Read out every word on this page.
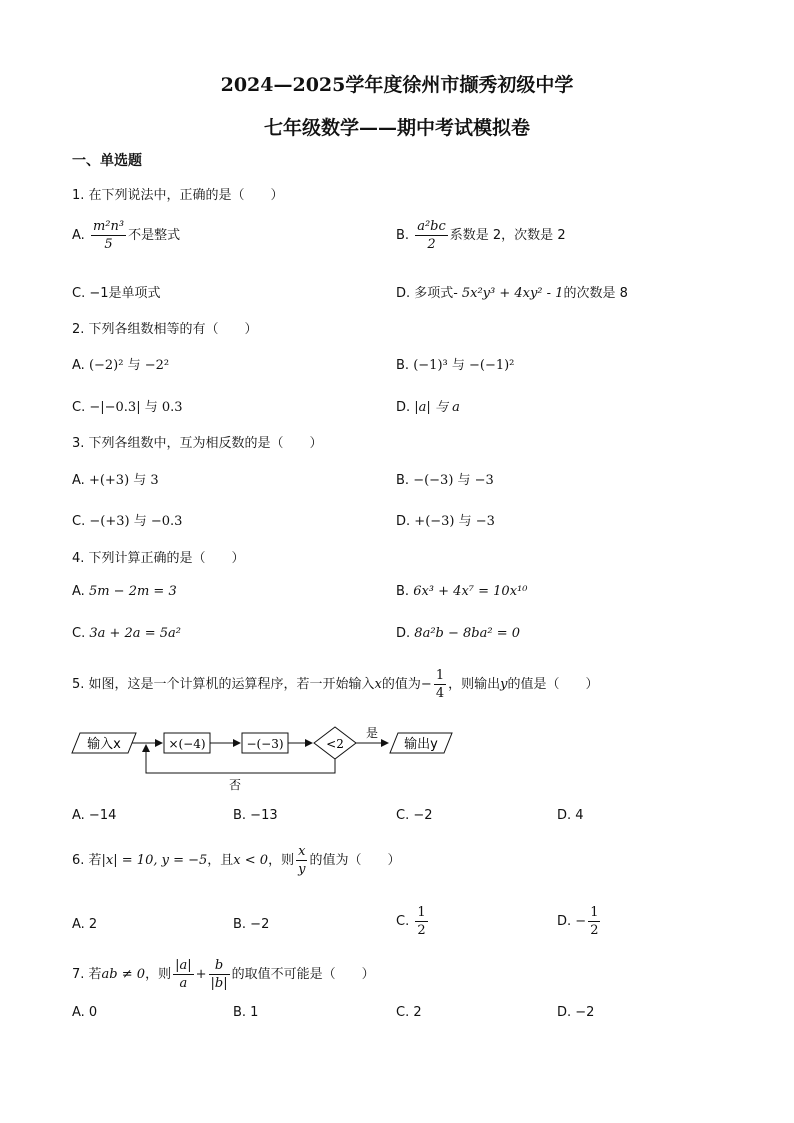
2024—2025学年度徐州市撷秀初级中学
七年级数学——期中考试模拟卷
一、单选题
1. 在下列说法中，正确的是（　　）
A. $\frac{\text{m²n³}}{5}$ 不是整式	B. $\frac{\text{a²bc}}{2}$ 系数是 2，次数是 2
C. −1是单项式	D. 多项式- 5x²y³ + 4xy² - 1的次数是 8
2. 下列各组数相等的有（　　）
A. (−2)² 与 −2²	B. (−1)³ 与 −(−1)²
C. −|−0.3| 与 0.3	D. |a| 与 a
3. 下列各组数中，互为相反数的是（　　）
A. +(+3) 与 3	B. −(−3) 与 −3
C. −(+3) 与 −0.3	D. +(−3) 与 −3
4. 下列计算正确的是（　　）
A. 5m − 2m = 3	B. 6x³ + 4x⁷ = 10x¹⁰
C. 3a + 2a = 5a²	D. 8a²b − 8ba² = 0
5. 如图，这是一个计算机的运算程序，若一开始输入x的值为− $\frac{1}{4}$ ，则输出y的值是（　　）
输入x	×(−4)	−(−3)	<2
是
输出y
否
A. −14	B. −13	C. −2	D. 4
6. 若|x| = 10, y = −5，且x < 0，则 $\frac{x}{y}$ 的值为（　　）
A. 2	B. −2	C. $\frac{1}{2}$	D. − $\frac{1}{2}$
7. 若ab ≠ 0，则 $\frac{|a|}{a} + \frac{b}{|b|}$ 的取值不可能是（　　）
A. 0	B. 1	C. 2	D. −2
